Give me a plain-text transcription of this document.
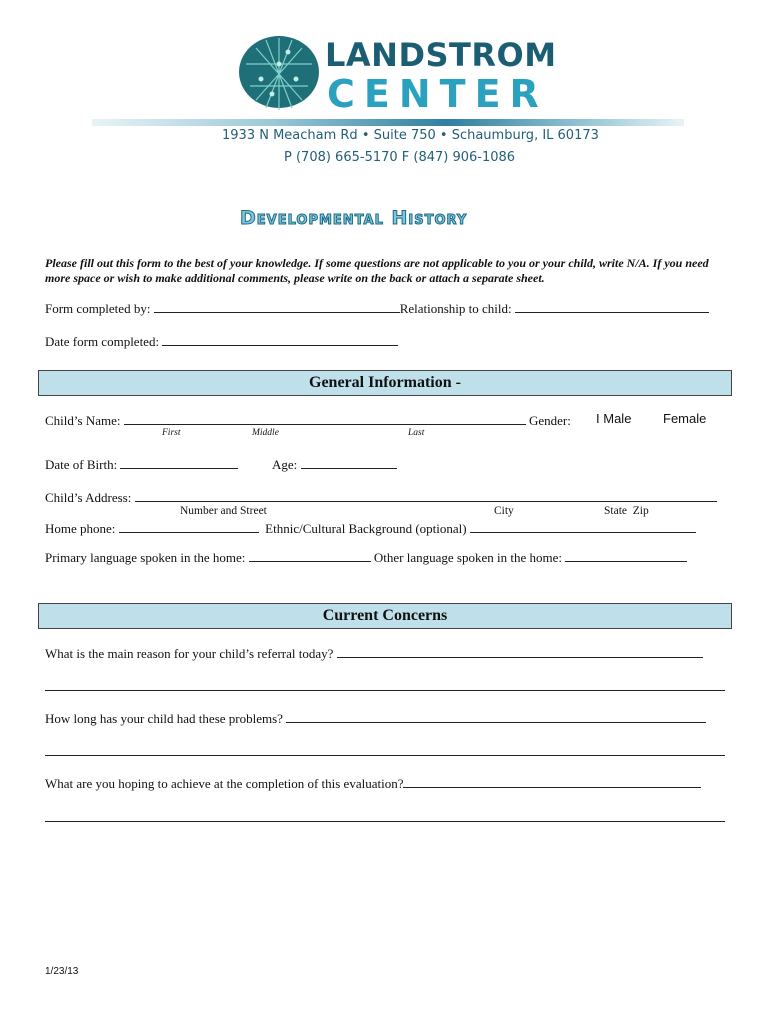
LANDSTROM
CENTER
1933 N Meacham Rd • Suite 750 • Schaumburg, IL 60173
P (708) 665-5170 F (847) 906-1086
Developmental History
Please fill out this form to the best of your knowledge. If some questions are not applicable to you or your child, write N/A. If you need more space or wish to make additional comments, please write on the back or attach a separate sheet.
Form completed by:	Relationship to child:
Date form completed:
General Information -
Child’s Name:	Gender: I Male Female
First	Middle	Last
Date of Birth:	Age:
Child’s Address:
Number and Street	City	State  Zip
Home phone:	Ethnic/Cultural Background (optional)
Primary language spoken in the home:	Other language spoken in the home:
Current Concerns
What is the main reason for your child’s referral today?
How long has your child had these problems?
What are you hoping to achieve at the completion of this evaluation?
1/23/13
